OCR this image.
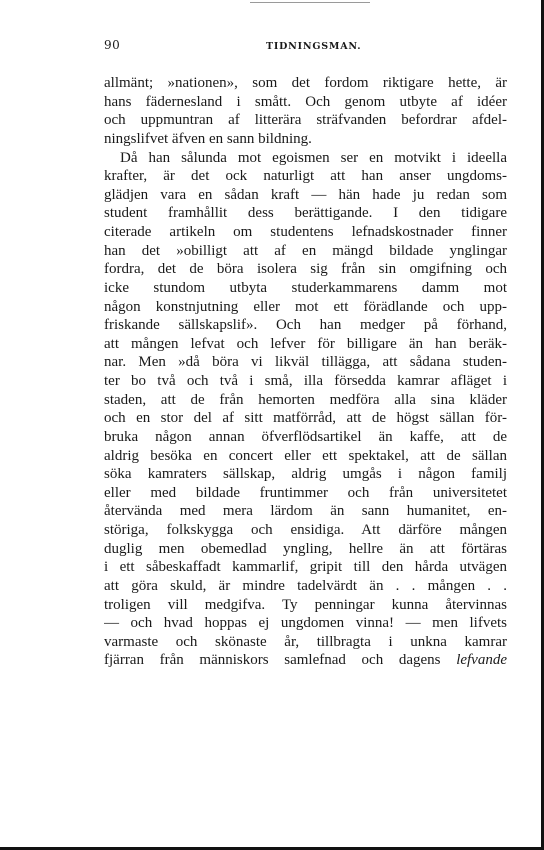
90	TIDNINGSMAN.
allmänt; »nationen», som det fordom riktigare hette, är
hans fädernesland i smått. Och genom utbyte af idéer
och uppmuntran af litterära sträfvanden befordrar afdel-
ningslifvet äfven en sann bildning.
Då han sålunda mot egoismen ser en motvikt i ideella
krafter, är det ock naturligt att han anser ungdoms-
glädjen vara en sådan kraft — hän hade ju redan som
student framhållit dess berättigande. I den tidigare
citerade artikeln om studentens lefnadskostnader finner
han det »obilligt att af en mängd bildade ynglingar
fordra, det de böra isolera sig från sin omgifning och
icke stundom utbyta studerkammarens damm mot
någon konstnjutning eller mot ett förädlande och upp-
friskande sällskapslif». Och han medger på förhand,
att mången lefvat och lefver för billigare än han beräk-
nar. Men »då böra vi likväl tillägga, att sådana studen-
ter bo två och två i små, illa försedda kamrar afläget i
staden, att de från hemorten medföra alla sina kläder
och en stor del af sitt matförråd, att de högst sällan för-
bruka någon annan öfverflödsartikel än kaffe, att de
aldrig besöka en concert eller ett spektakel, att de sällan
söka kamraters sällskap, aldrig umgås i någon familj
eller med bildade fruntimmer och från universitetet
återvända med mera lärdom än sann humanitet, en-
störiga, folkskygga och ensidiga. Att därföre mången
duglig men obemedlad yngling, hellre än att förtäras
i ett såbeskaffadt kammarlif, gripit till den hårda utvägen
att göra skuld, är mindre tadelvärdt än . . mången . .
troligen vill medgifva. Ty penningar kunna återvinnas
— och hvad hoppas ej ungdomen vinna! — men lifvets
varmaste och skönaste år, tillbragta i unkna kamrar
fjärran från människors samlefnad och dagens lefvande
